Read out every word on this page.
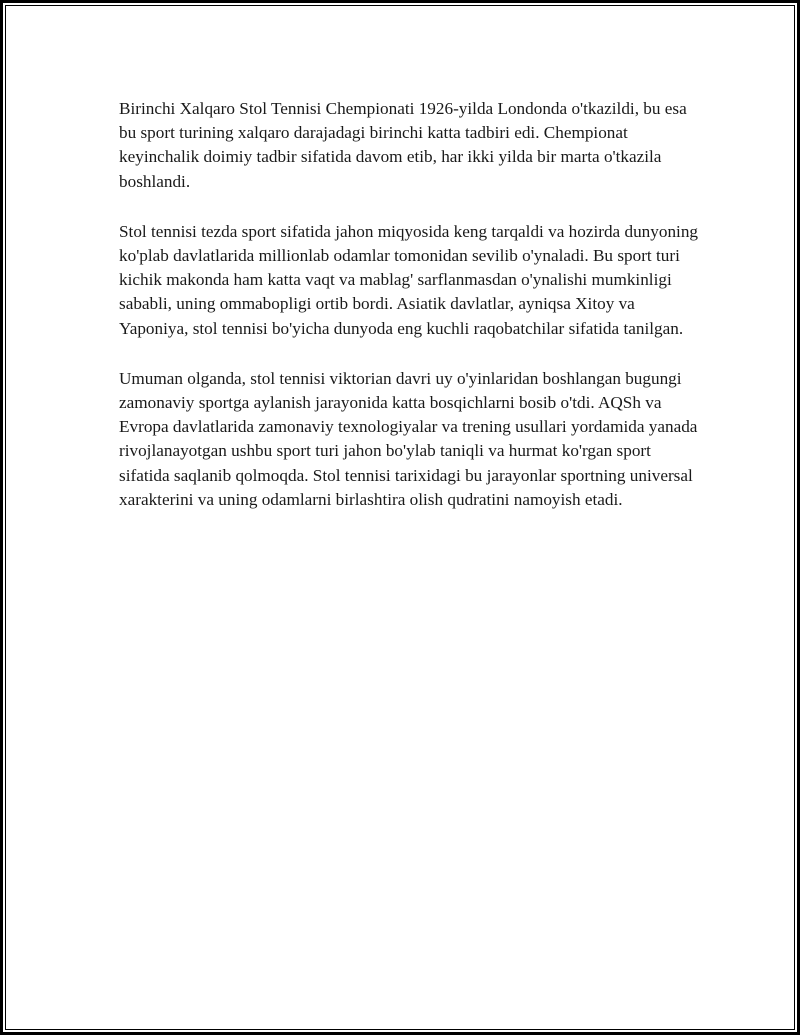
Birinchi Xalqaro Stol Tennisi Chempionati 1926-yilda Londonda o'tkazildi, bu esa bu sport turining xalqaro darajadagi birinchi katta tadbiri edi. Chempionat keyinchalik doimiy tadbir sifatida davom etib, har ikki yilda bir marta o'tkazila boshlandi.

Stol tennisi tezda sport sifatida jahon miqyosida keng tarqaldi va hozirda dunyoning ko'plab davlatlarida millionlab odamlar tomonidan sevilib o'ynaladi. Bu sport turi kichik makonda ham katta vaqt va mablag' sarflanmasdan o'ynalishi mumkinligi sababli, uning ommabopligi ortib bordi. Asiatik davlatlar, ayniqsa Xitoy va Yaponiya, stol tennisi bo'yicha dunyoda eng kuchli raqobatchilar sifatida tanilgan.

Umuman olganda, stol tennisi viktorian davri uy o'yinlaridan boshlangan bugungi zamonaviy sportga aylanish jarayonida katta bosqichlarni bosib o'tdi. AQSh va Evropa davlatlarida zamonaviy texnologiyalar va trening usullari yordamida yanada rivojlanayotgan ushbu sport turi jahon bo'ylab taniqli va hurmat ko'rgan sport sifatida saqlanib qolmoqda. Stol tennisi tarixidagi bu jarayonlar sportning universal xarakterini va uning odamlarni birlashtira olish qudratini namoyish etadi.
